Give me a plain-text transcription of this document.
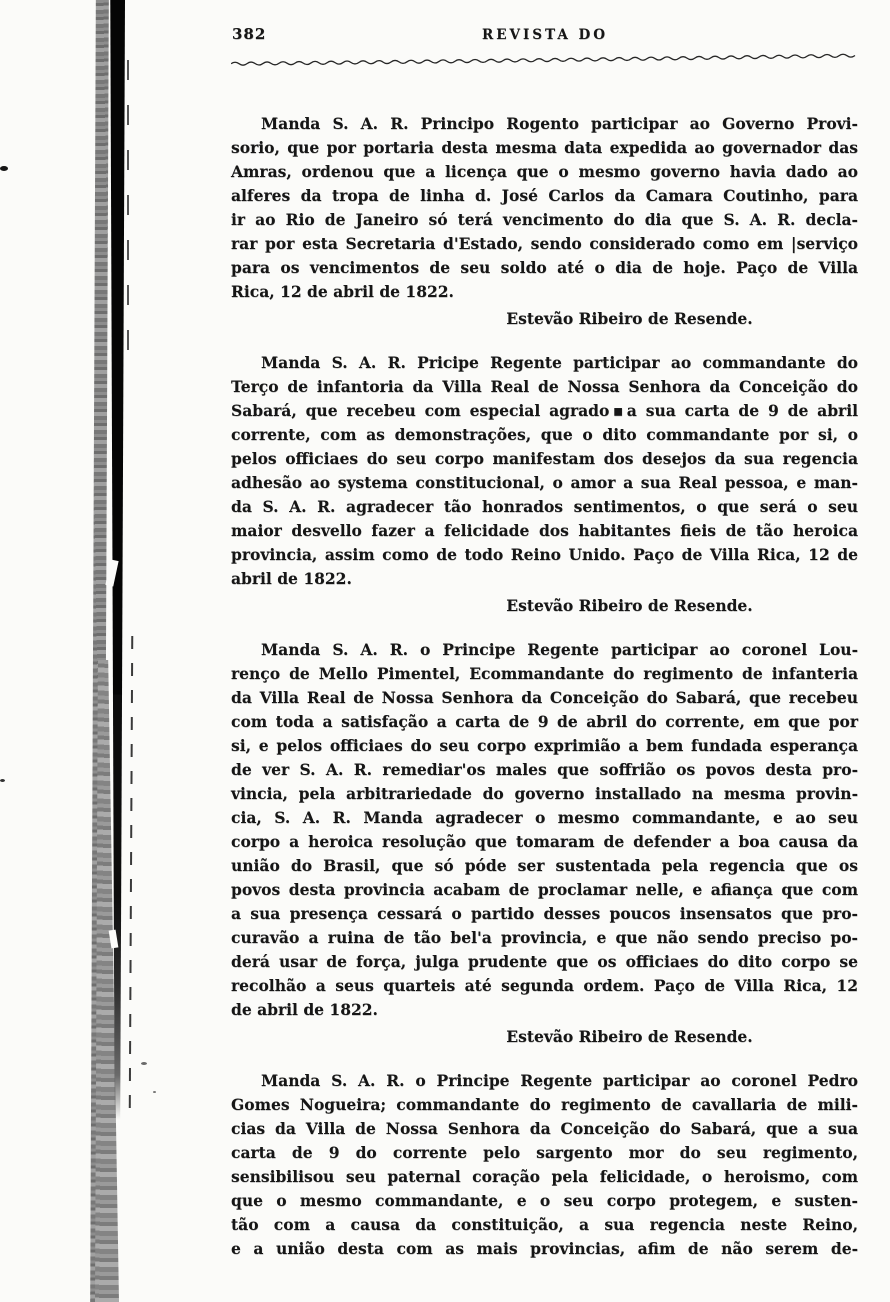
382	REVISTA DO
Manda S. A. R. Principo Rogento participar ao Governo Provi-
sorio, que por portaria desta mesma data expedida ao governador das
Amras, ordenou que a licença que o mesmo governo havia dado ao
alferes da tropa de linha d. José Carlos da Camara Coutinho, para
ir ao Rio de Janeiro só terá vencimento do dia que S. A. R. decla-
rar por esta Secretaria d'Estado, sendo considerado como em |serviço
para os vencimentos de seu soldo até o dia de hoje. Paço de Villa
Rica, 12 de abril de 1822.
Estevão Ribeiro de Resende.
Manda S. A. R. Pricipe Regente participar ao commandante do
Terço de infantoria da Villa Real de Nossa Senhora da Conceição do
Sabará, que recebeu com especial agrado▪a sua carta de 9 de abril
corrente, com as demonstrações, que o dito commandante por si, o
pelos officiaes do seu corpo manifestam dos desejos da sua regencia
adhesão ao systema constitucional, o amor a sua Real pessoa, e man-
da S. A. R. agradecer tão honrados sentimentos, o que será o seu
maior desvello fazer a felicidade dos habitantes fieis de tão heroica
provincia, assim como de todo Reino Unido. Paço de Villa Rica, 12 de
abril de 1822.
Estevão Ribeiro de Resende.
Manda S. A. R. o Principe Regente participar ao coronel Lou-
renço de Mello Pimentel, Ecommandante do regimento de infanteria
da Villa Real de Nossa Senhora da Conceição do Sabará, que recebeu
com toda a satisfação a carta de 9 de abril do corrente, em que por
si, e pelos officiaes do seu corpo exprimião a bem fundada esperança
de ver S. A. R. remediar'os males que soffrião os povos desta pro-
vincia, pela arbitrariedade do governo installado na mesma provin-
cia, S. A. R. Manda agradecer o mesmo commandante, e ao seu
corpo a heroica resolução que tomaram de defender a boa causa da
união do Brasil, que só póde ser sustentada pela regencia que os
povos desta provincia acabam de proclamar nelle, e afiança que com
a sua presença cessará o partido desses poucos insensatos que pro-
curavão a ruina de tão bel'a provincia, e que não sendo preciso po-
derá usar de força, julga prudente que os officiaes do dito corpo se
recolhão a seus quarteis até segunda ordem. Paço de Villa Rica, 12
de abril de 1822.
Estevão Ribeiro de Resende.
Manda S. A. R. o Principe Regente participar ao coronel Pedro
Gomes Nogueira; commandante do regimento de cavallaria de mili-
cias da Villa de Nossa Senhora da Conceição do Sabará, que a sua
carta de 9 do corrente pelo sargento mor do seu regimento,
sensibilisou seu paternal coração pela felicidade, o heroismo, com
que o mesmo commandante, e o seu corpo protegem, e susten-
tão com a causa da constituição, a sua regencia neste Reino,
e a união desta com as mais provincias, afim de não serem de-
